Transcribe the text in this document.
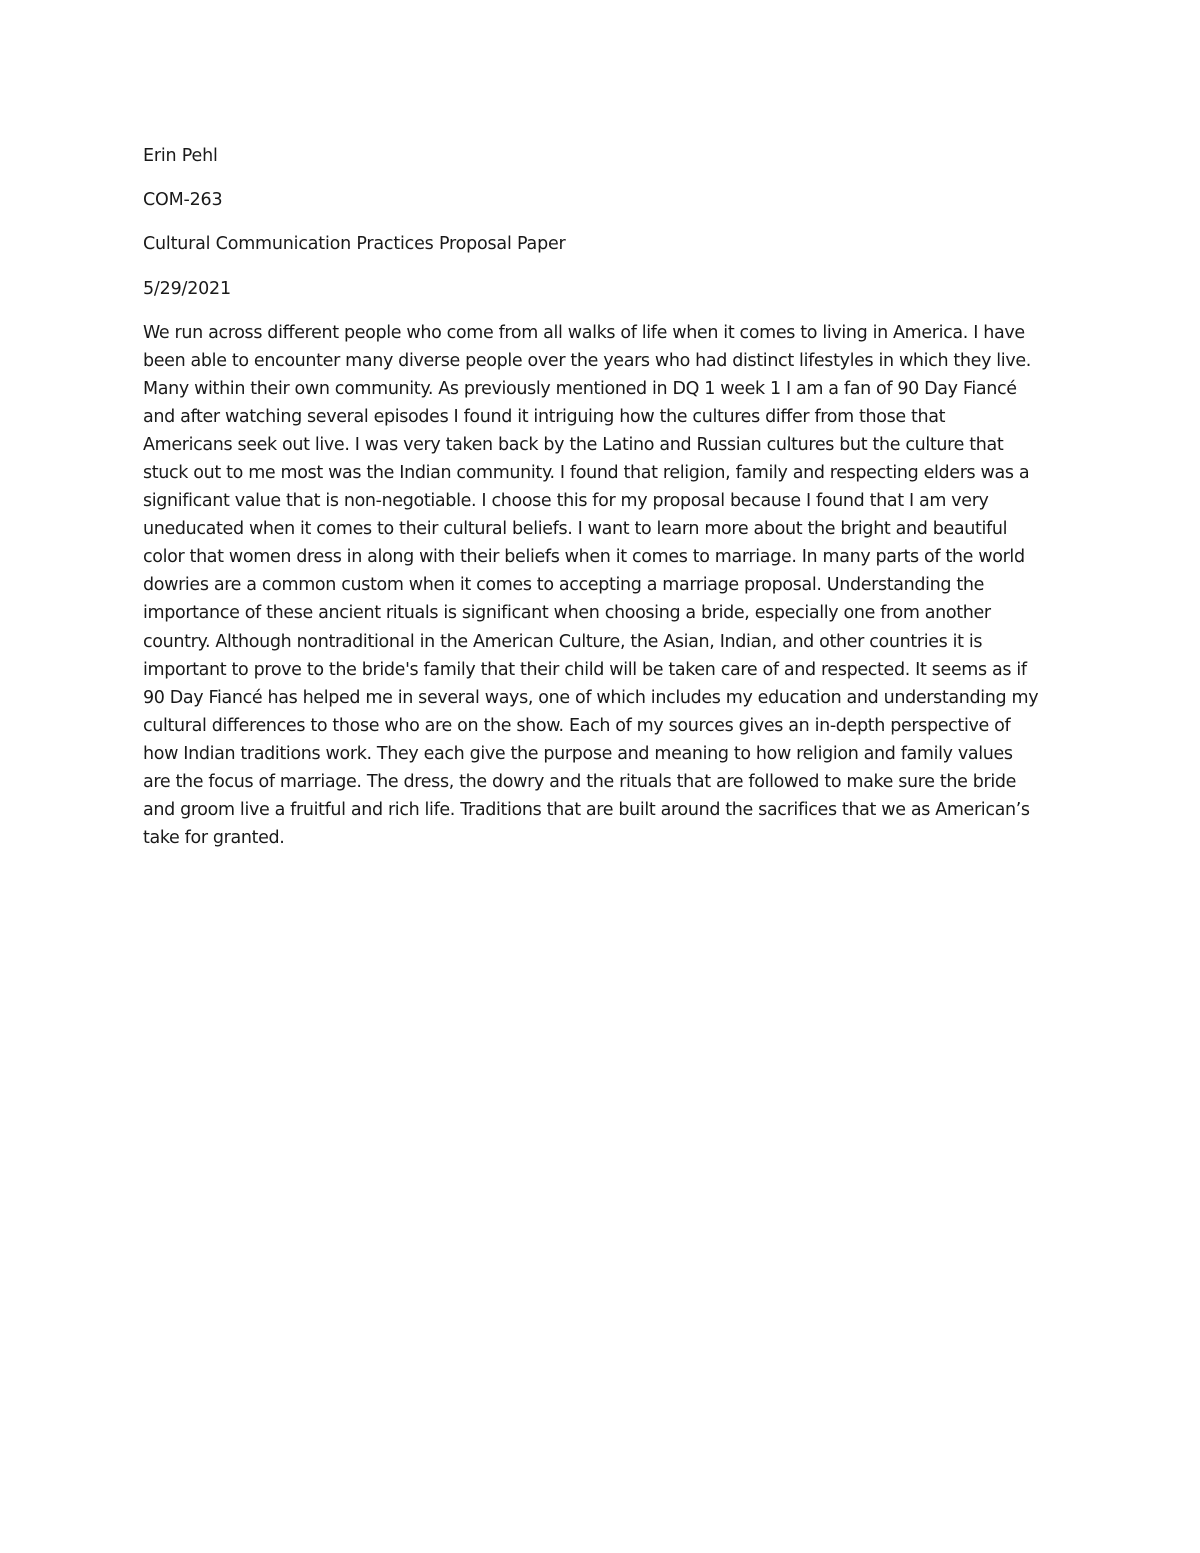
Erin Pehl
COM-263
Cultural Communication Practices Proposal Paper
5/29/2021
We run across different people who come from all walks of life when it comes to living in America. I have
been able to encounter many diverse people over the years who had distinct lifestyles in which they live.
Many within their own community. As previously mentioned in DQ 1 week 1 I am a fan of 90 Day Fiancé
and after watching several episodes I found it intriguing how the cultures differ from those that
Americans seek out live. I was very taken back by the Latino and Russian cultures but the culture that
stuck out to me most was the Indian community. I found that religion, family and respecting elders was a
significant value that is non-negotiable. I choose this for my proposal because I found that I am very
uneducated when it comes to their cultural beliefs. I want to learn more about the bright and beautiful
color that women dress in along with their beliefs when it comes to marriage. In many parts of the world
dowries are a common custom when it comes to accepting a marriage proposal. Understanding the
importance of these ancient rituals is significant when choosing a bride, especially one from another
country. Although nontraditional in the American Culture, the Asian, Indian, and other countries it is
important to prove to the bride's family that their child will be taken care of and respected. It seems as if
90 Day Fiancé has helped me in several ways, one of which includes my education and understanding my
cultural differences to those who are on the show. Each of my sources gives an in-depth perspective of
how Indian traditions work. They each give the purpose and meaning to how religion and family values
are the focus of marriage. The dress, the dowry and the rituals that are followed to make sure the bride
and groom live a fruitful and rich life. Traditions that are built around the sacrifices that we as American’s
take for granted.
